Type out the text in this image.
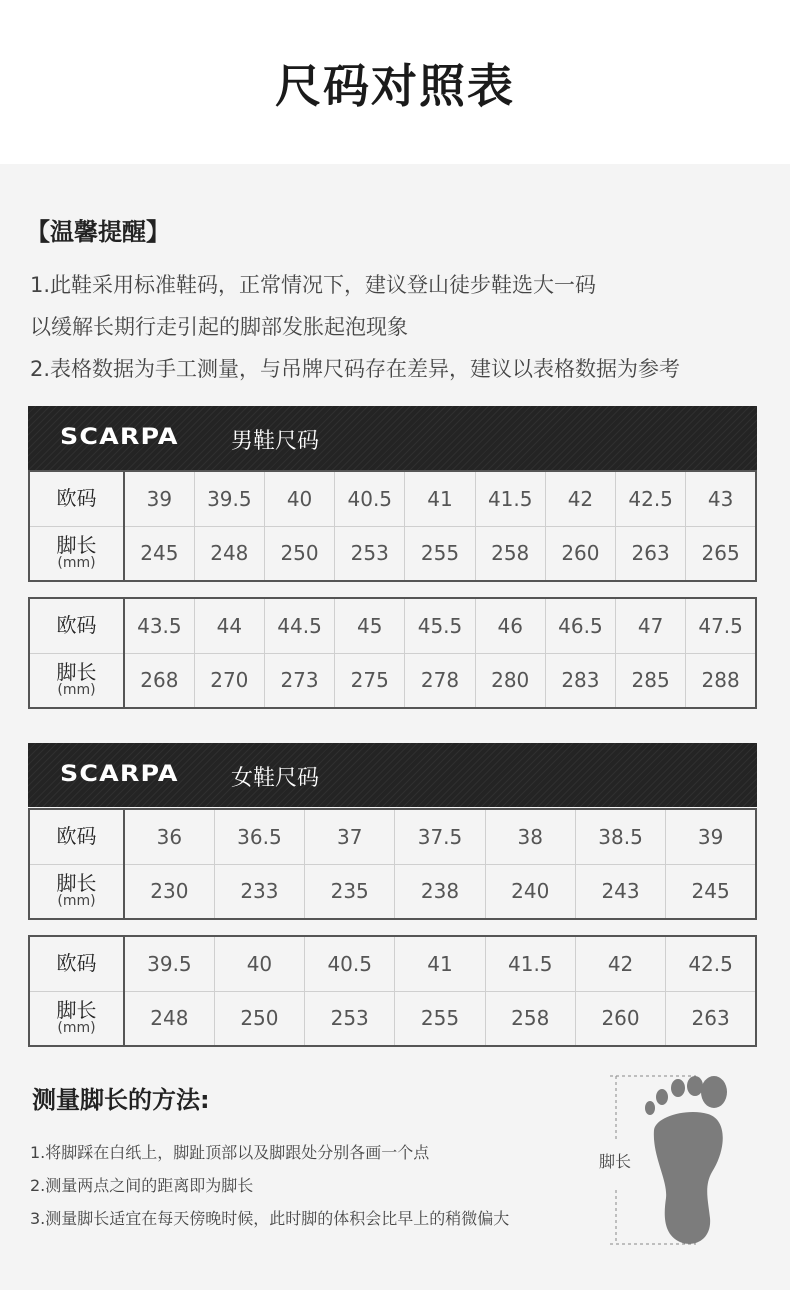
尺码对照表
【温馨提醒】
1.此鞋采用标准鞋码，正常情况下，建议登山徒步鞋选大一码
以缓解长期行走引起的脚部发胀起泡现象
2.表格数据为手工测量，与吊牌尺码存在差异，建议以表格数据为参考
SCARPA 男鞋尺码
欧码	39	39.5	40	40.5	41	41.5	42	42.5	43
脚长
(mm)	245	248	250	253	255	258	260	263	265
欧码	43.5	44	44.5	45	45.5	46	46.5	47	47.5
脚长
(mm)	268	270	273	275	278	280	283	285	288
SCARPA 女鞋尺码
欧码	36	36.5	37	37.5	38	38.5	39
脚长
(mm)	230	233	235	238	240	243	245
欧码	39.5	40	40.5	41	41.5	42	42.5
脚长
(mm)	248	250	253	255	258	260	263
测量脚长的方法:
1.将脚踩在白纸上，脚趾顶部以及脚跟处分别各画一个点
2.测量两点之间的距离即为脚长
3.测量脚长适宜在每天傍晚时候，此时脚的体积会比早上的稍微偏大
脚长
